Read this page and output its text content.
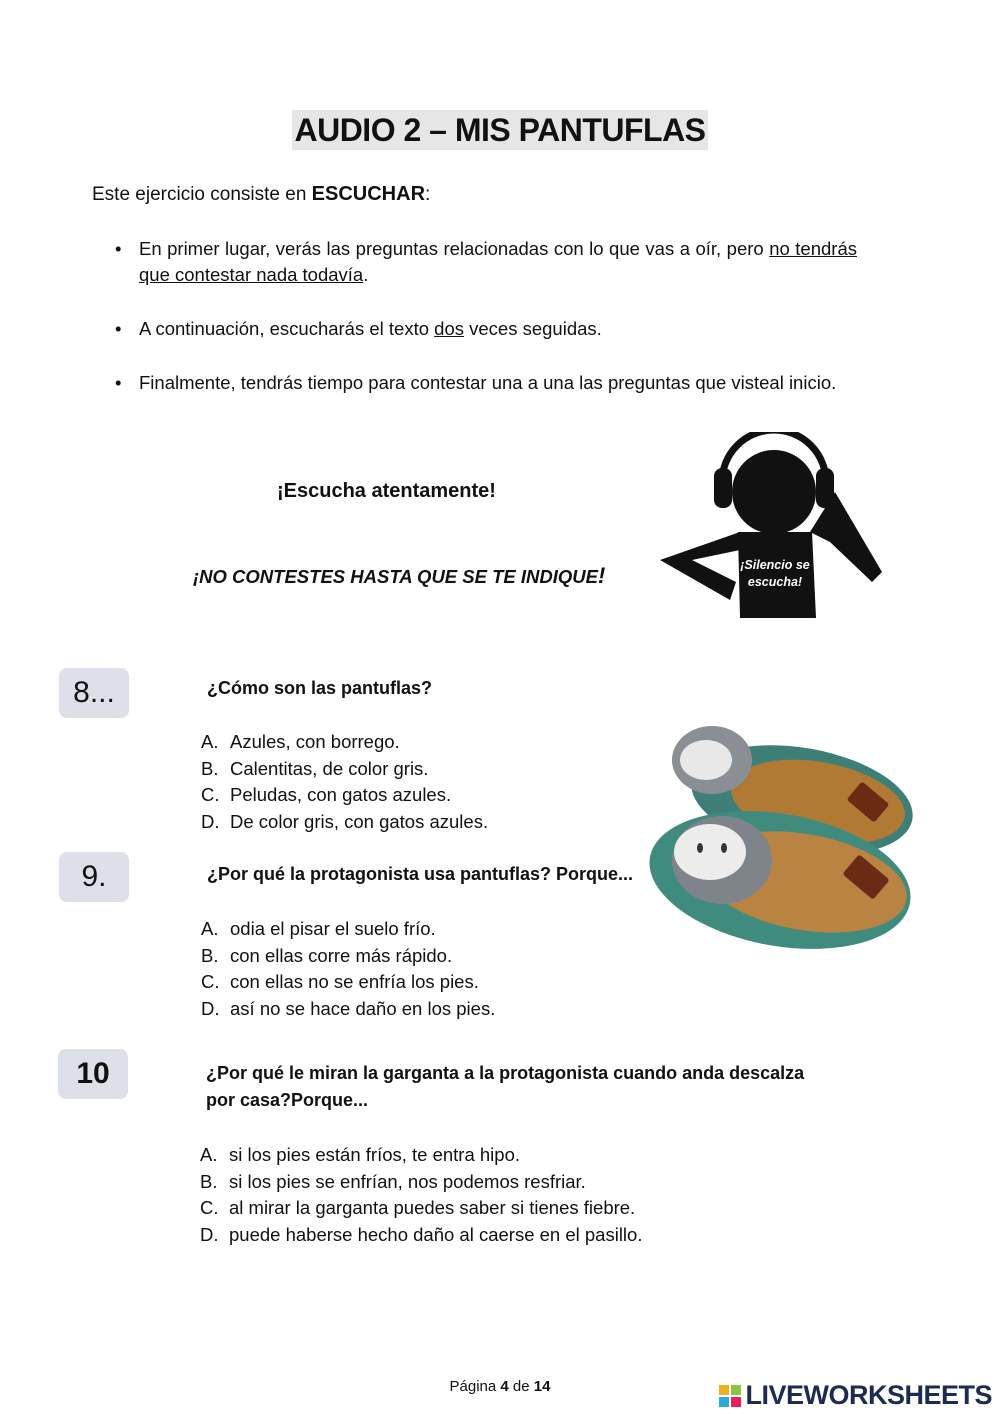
AUDIO 2 – MIS PANTUFLAS
Este ejercicio consiste en ESCUCHAR:
• En primer lugar, verás las preguntas relacionadas con lo que vas a oír, pero no tendrás que contestar nada todavía.
• A continuación, escucharás el texto dos veces seguidas.
• Finalmente, tendrás tiempo para contestar una a una las preguntas que visteal inicio.
¡Escucha atentamente!
¡NO CONTESTES HASTA QUE SE TE INDIQUE!	¡Silencio se
escucha!
8...	¿Cómo son las pantuflas?
A. Azules, con borrego.
B. Calentitas, de color gris.
C. Peludas, con gatos azules.
D. De color gris, con gatos azules.
9.	¿Por qué la protagonista usa pantuflas? Porque...
A. odia el pisar el suelo frío.
B. con ellas corre más rápido.
C. con ellas no se enfría los pies.
D. así no se hace daño en los pies.
10	¿Por qué le miran la garganta a la protagonista cuando anda descalza
por casa?Porque...
A. si los pies están fríos, te entra hipo.
B. si los pies se enfrían, nos podemos resfriar.
C. al mirar la garganta puedes saber si tienes fiebre.
D. puede haberse hecho daño al caerse en el pasillo.
Página 4 de 14	LIVEWORKSHEETS
